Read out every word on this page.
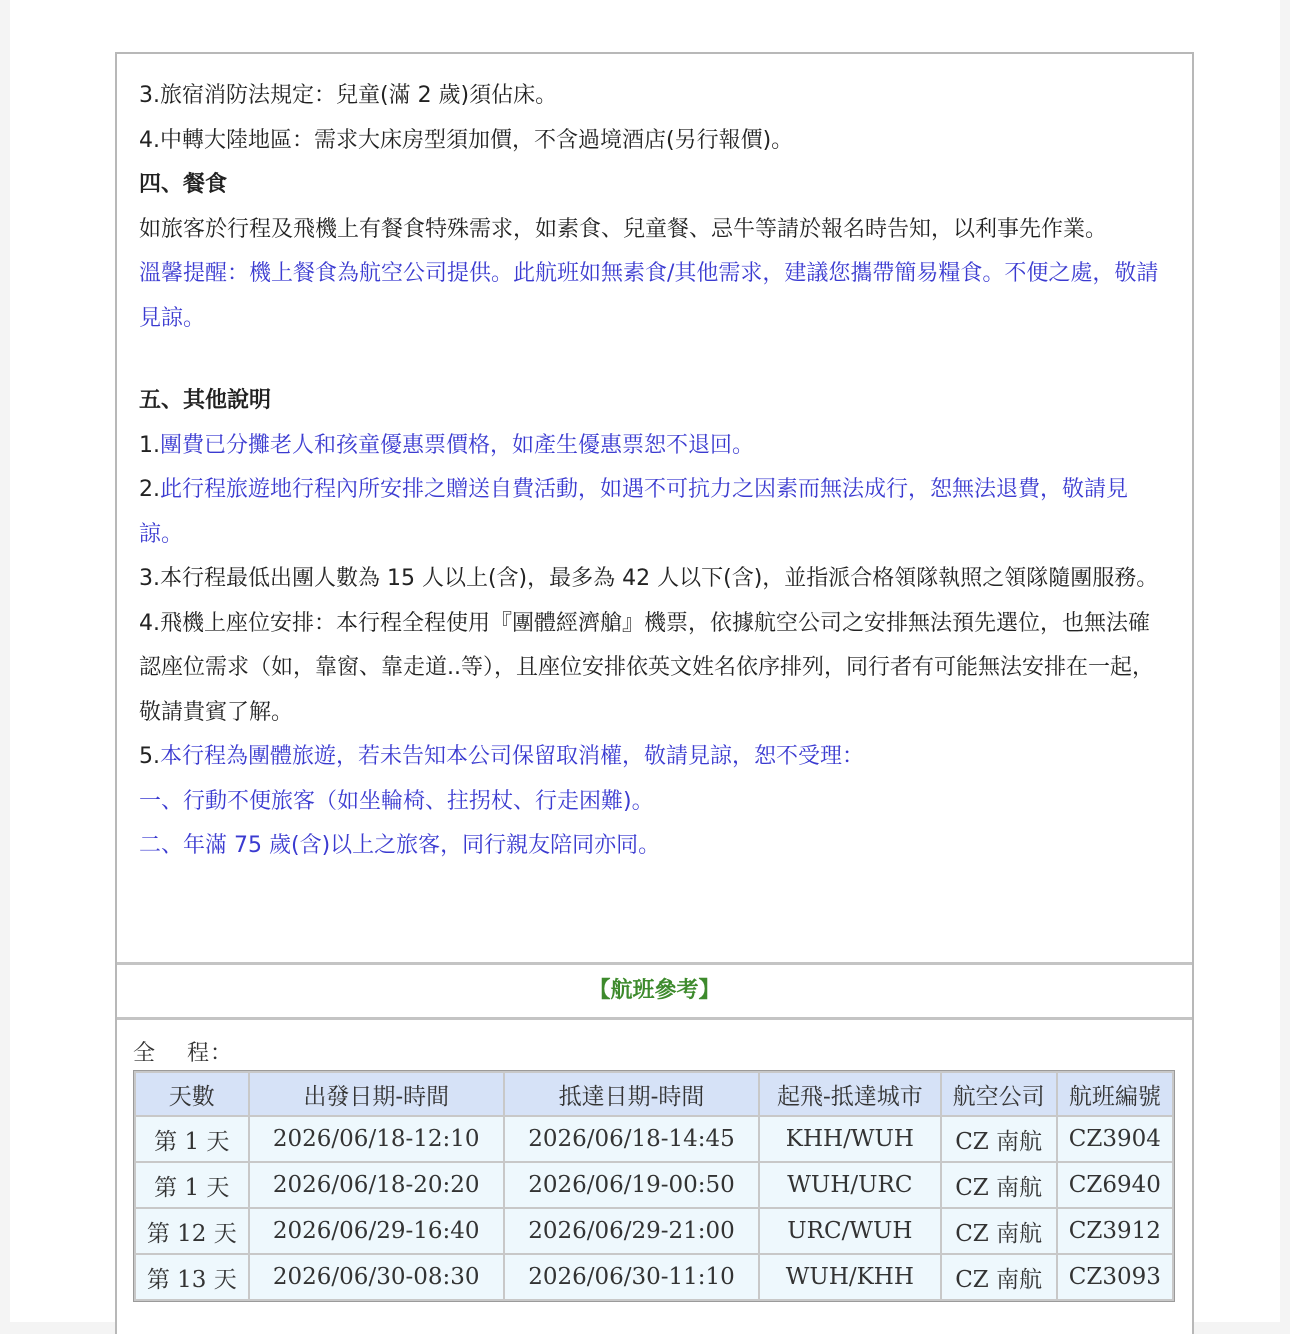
3.旅宿消防法規定：兒童(滿 2 歲)須佔床。

4.中轉大陸地區：需求大床房型須加價，不含過境酒店(另行報價)。

四、餐食

如旅客於行程及飛機上有餐食特殊需求，如素食、兒童餐、忌牛等請於報名時告知，以利事先作業。

溫馨提醒：機上餐食為航空公司提供。此航班如無素食/其他需求，建議您攜帶簡易糧食。不便之處，敬請見諒。

五、其他說明

1.團費已分攤老人和孩童優惠票價格，如產生優惠票恕不退回。

2.此行程旅遊地行程內所安排之贈送自費活動，如遇不可抗力之因素而無法成行，恕無法退費，敬請見諒。

3.本行程最低出團人數為 15 人以上(含)，最多為 42 人以下(含)，並指派合格領隊執照之領隊隨團服務。

4.飛機上座位安排：本行程全程使用『團體經濟艙』機票，依據航空公司之安排無法預先選位，也無法確認座位需求（如，靠窗、靠走道..等），且座位安排依英文姓名依序排列，同行者有可能無法安排在一起，敬請貴賓了解。

5.本行程為團體旅遊，若未告知本公司保留取消權，敬請見諒，恕不受理：

一、行動不便旅客（如坐輪椅、拄拐杖、行走困難)。

二、年滿 75 歲(含)以上之旅客，同行親友陪同亦同。

【航班參考】
全　 程：
天數	出發日期-時間	抵達日期-時間	起飛-抵達城市	航空公司	航班編號
第 1 天	2026/06/18-12:10	2026/06/18-14:45	KHH/WUH	CZ 南航	CZ3904
第 1 天	2026/06/18-20:20	2026/06/19-00:50	WUH/URC	CZ 南航	CZ6940
第 12 天	2026/06/29-16:40	2026/06/29-21:00	URC/WUH	CZ 南航	CZ3912
第 13 天	2026/06/30-08:30	2026/06/30-11:10	WUH/KHH	CZ 南航	CZ3093
